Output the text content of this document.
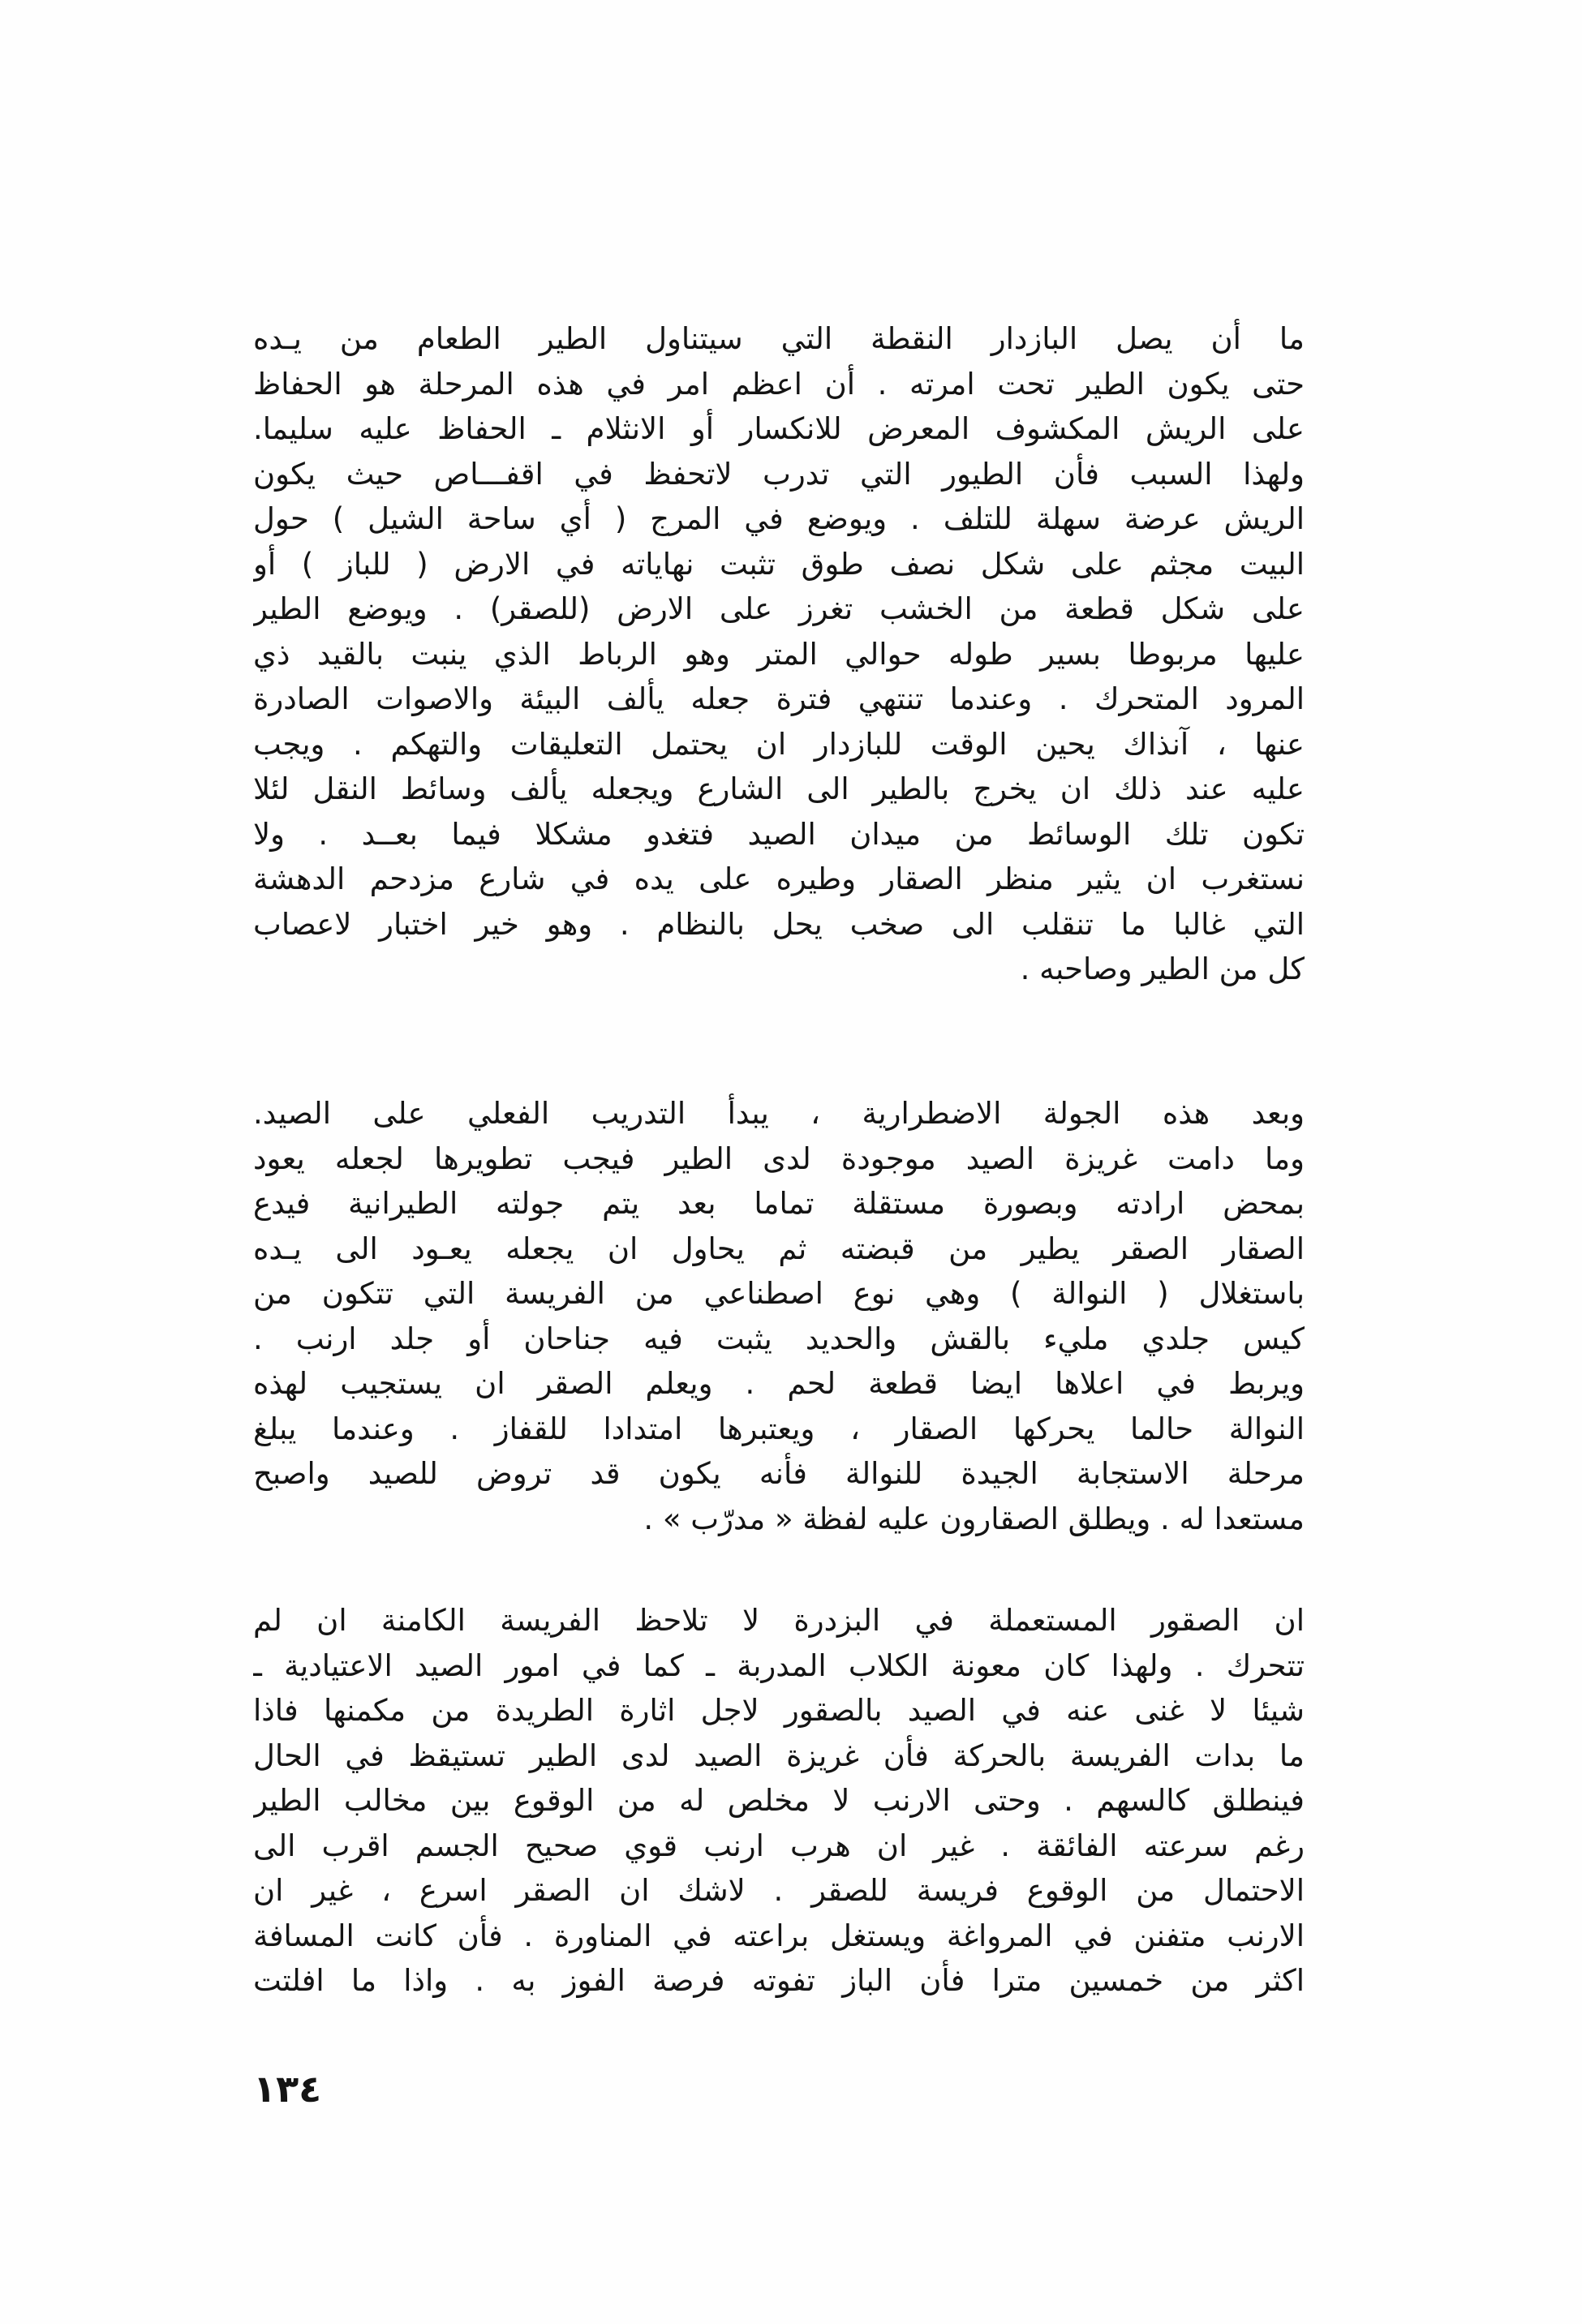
ما أن يصل البازدار النقطة التي سيتناول الطير الطعام من يـده
حتى يكون الطير تحت امرته . أن اعظم امر في هذه المرحلة هو الحفاظ
على الريش المكشوف المعرض للانكسار أو الانثلام ـ الحفاظ عليه سليما.
ولهذا السبب فأن الطيور التي تدرب لاتحفظ في اقفـــاص حيث يكون
الريش عرضة سهلة للتلف . ويوضع في المرج ( أي ساحة الشيل ) حول
البيت مجثم على شكل نصف طوق تثبت نهاياته في الارض ( للباز ) أو
على شكل قطعة من الخشب تغرز على الارض (للصقر) . ويوضع الطير
عليها مربوطا بسير طوله حوالي المتر وهو الرباط الذي ينبت بالقيد ذي
المرود المتحرك . وعندما تنتهي فترة جعله يألف البيئة والاصوات الصادرة
عنها ، آنذاك يحين الوقت للبازدار ان يحتمل التعليقات والتهكم . ويجب
عليه عند ذلك ان يخرج بالطير الى الشارع ويجعله يألف وسائط النقل لئلا
تكون تلك الوسائط من ميدان الصيد فتغدو مشكلا فيما بعــد . ولا
نستغرب ان يثير منظر الصقار وطيره على يده في شارع مزدحم الدهشة
التي غالبا ما تنقلب الى صخب يحل بالنظام . وهو خير اختبار لاعصاب
كل من الطير وصاحبه .
وبعد هذه الجولة الاضطرارية ، يبدأ التدريب الفعلي على الصيد.
وما دامت غريزة الصيد موجودة لدى الطير فيجب تطويرها لجعله يعود
بمحض ارادته وبصورة مستقلة تماما بعد يتم جولته الطيرانية فيدع
الصقار الصقر يطير من قبضته ثم يحاول ان يجعله يعـود الى يـده
باستغلال ( النوالة ) وهي نوع اصطناعي من الفريسة التي تتكون من
كيس جلدي مليء بالقش والحديد يثبت فيه جناحان أو جلد ارنب .
ويربط في اعلاها ايضا قطعة لحم . ويعلم الصقر ان يستجيب لهذه
النوالة حالما يحركها الصقار ، ويعتبرها امتدادا للقفاز . وعندما يبلغ
مرحلة الاستجابة الجيدة للنوالة فأنه يكون قد تروض للصيد واصبح
مستعدا له . ويطلق الصقارون عليه لفظة « مدرّب » .
ان الصقور المستعملة في البزدرة لا تلاحظ الفريسة الكامنة ان لم
تتحرك . ولهذا كان معونة الكلاب المدربة ـ كما في امور الصيد الاعتيادية ـ
شيئا لا غنى عنه في الصيد بالصقور لاجل اثارة الطريدة من مكمنها فاذا
ما بدات الفريسة بالحركة فأن غريزة الصيد لدى الطير تستيقظ في الحال
فينطلق كالسهم . وحتى الارنب لا مخلص له من الوقوع بين مخالب الطير
رغم سرعته الفائقة . غير ان هرب ارنب قوي صحيح الجسم اقرب الى
الاحتمال من الوقوع فريسة للصقر . لاشك ان الصقر اسرع ، غير ان
الارنب متفنن في المرواغة ويستغل براعته في المناورة . فأن كانت المسافة
اكثر من خمسين مترا فأن الباز تفوته فرصة الفوز به . واذا ما افلتت
١٣٤
